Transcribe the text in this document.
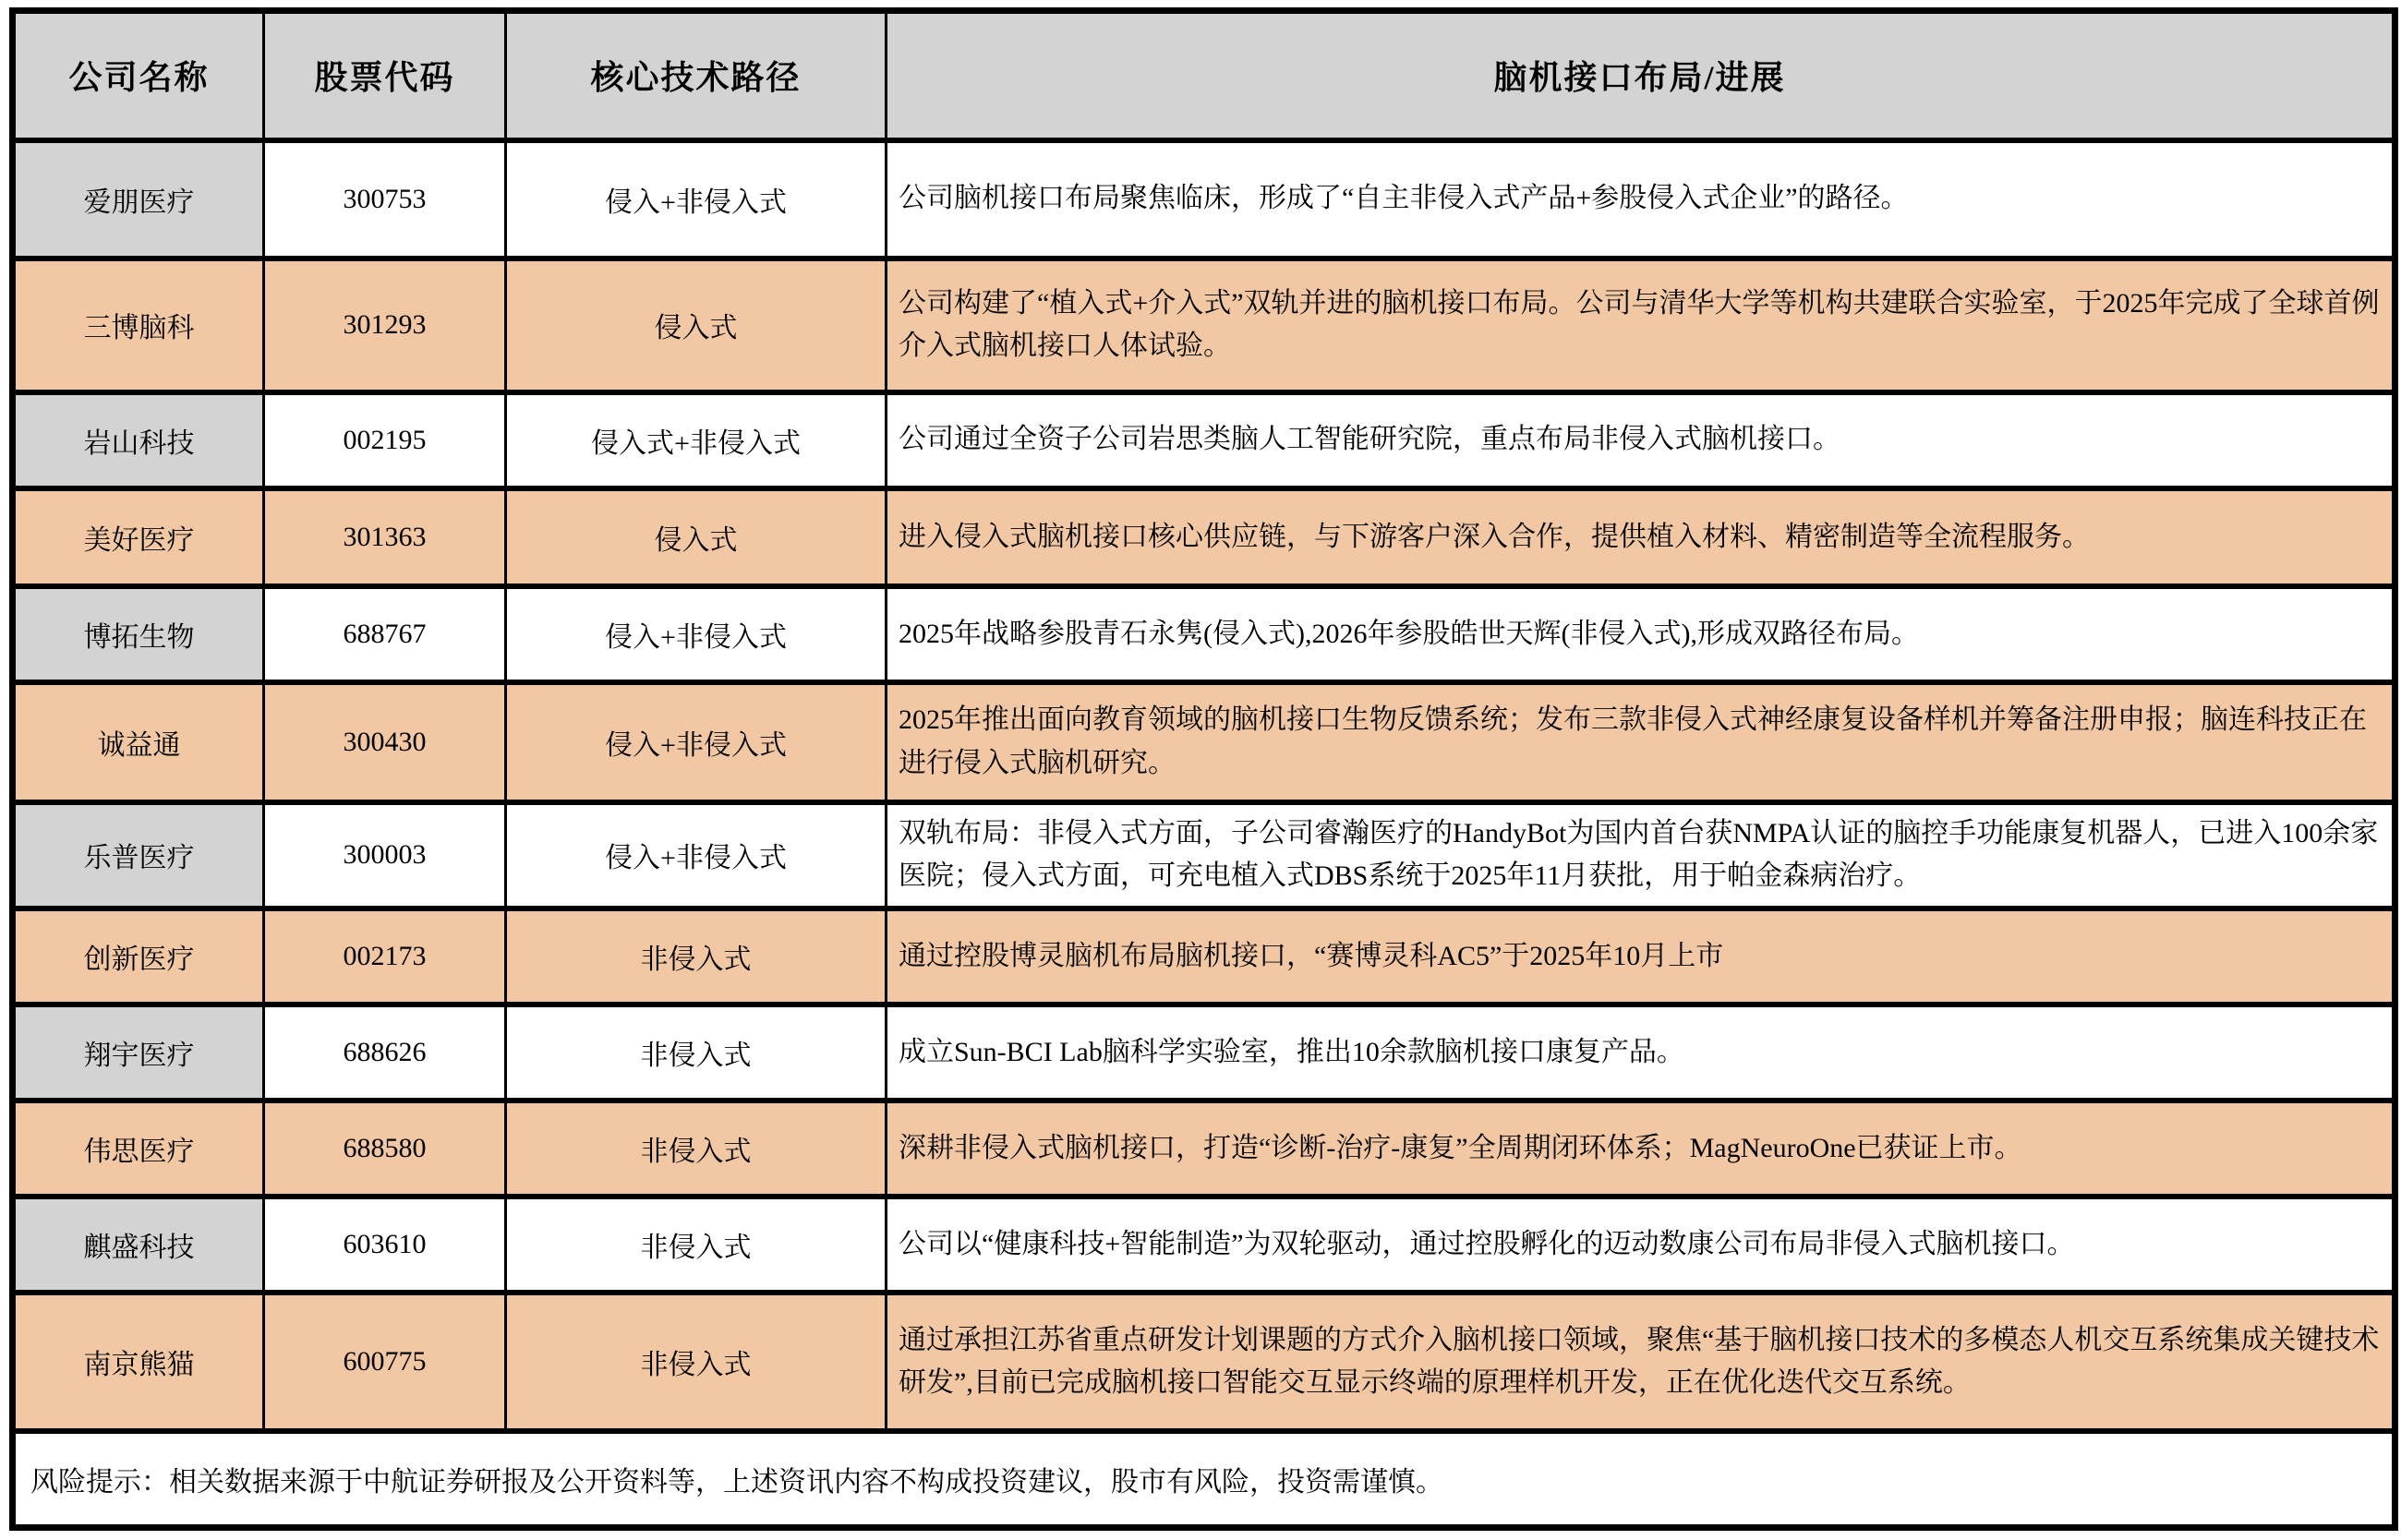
公司名称	股票代码	核心技术路径	脑机接口布局/进展
爱朋医疗	300753	侵入+非侵入式	公司脑机接口布局聚焦临床，形成了“自主非侵入式产品+参股侵入式企业”的路径。
三博脑科	301293	侵入式	公司构建了“植入式+介入式”双轨并进的脑机接口布局。公司与清华大学等机构共建联合实验室，于2025年完成了全球首例介入式脑机接口人体试验。
岩山科技	002195	侵入式+非侵入式	公司通过全资子公司岩思类脑人工智能研究院，重点布局非侵入式脑机接口。
美好医疗	301363	侵入式	进入侵入式脑机接口核心供应链，与下游客户深入合作，提供植入材料、精密制造等全流程服务。
博拓生物	688767	侵入+非侵入式	2025年战略参股青石永隽(侵入式),2026年参股皓世天辉(非侵入式),形成双路径布局。
诚益通	300430	侵入+非侵入式	2025年推出面向教育领域的脑机接口生物反馈系统；发布三款非侵入式神经康复设备样机并筹备注册申报；脑连科技正在进行侵入式脑机研究。
乐普医疗	300003	侵入+非侵入式	双轨布局：非侵入式方面，子公司睿瀚医疗的HandyBot为国内首台获NMPA认证的脑控手功能康复机器人，已进入100余家医院；侵入式方面，可充电植入式DBS系统于2025年11月获批，用于帕金森病治疗。
创新医疗	002173	非侵入式	通过控股博灵脑机布局脑机接口，“赛博灵科AC5”于2025年10月上市
翔宇医疗	688626	非侵入式	成立Sun-BCI Lab脑科学实验室，推出10余款脑机接口康复产品。
伟思医疗	688580	非侵入式	深耕非侵入式脑机接口，打造“诊断-治疗-康复”全周期闭环体系；MagNeuroOne已获证上市。
麒盛科技	603610	非侵入式	公司以“健康科技+智能制造”为双轮驱动，通过控股孵化的迈动数康公司布局非侵入式脑机接口。
南京熊猫	600775	非侵入式	通过承担江苏省重点研发计划课题的方式介入脑机接口领域，聚焦“基于脑机接口技术的多模态人机交互系统集成关键技术研发”,目前已完成脑机接口智能交互显示终端的原理样机开发，正在优化迭代交互系统。
风险提示：相关数据来源于中航证券研报及公开资料等，上述资讯内容不构成投资建议，股市有风险，投资需谨慎。			
